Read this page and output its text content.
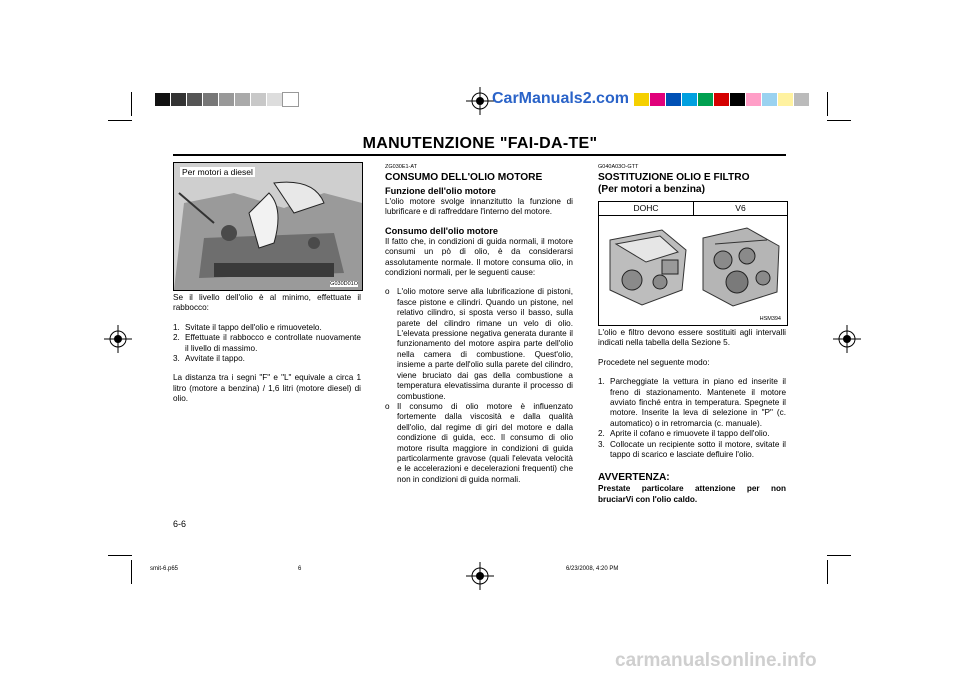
CarManuals2.com
MANUTENZIONE "FAI-DA-TE"
Per motori a diesel
G030D01O

Se il livello dell'olio è al minimo, effettuate il rabbocco:

1. Svitate il tappo dell'olio e rimuovetelo.
2. Effettuate il rabbocco e controllate nuovamente il livello di massimo.
3. Avvitate il tappo.

La distanza tra i segni "F" e "L" equivale a circa 1 litro (motore a benzina) / 1,6 litri (motore diesel) di olio.

6-6
ZG030E1-AT
CONSUMO DELL'OLIO MOTORE
Funzione dell'olio motore

L'olio motore svolge innanzitutto la funzione di lubrificare e di raffreddare l'interno del motore.

Consumo dell'olio motore

Il fatto che, in condizioni di guida normali, il motore consumi un pò di olio, è da considerarsi assolutamente normale. Il motore consuma olio, in condizioni normali, per le seguenti cause:

o L'olio motore serve alla lubrificazione di pistoni, fasce pistone e cilindri. Quando un pistone, nel relativo cilindro, si sposta verso il basso, sulla parete del cilindro rimane un velo di olio. L'elevata pressione negativa generata durante il funzionamento del motore aspira parte dell'olio nella camera di combustione. Quest'olio, insieme a parte dell'olio sulla parete del cilindro, viene bruciato dai gas della combustione a temperatura elevatissima durante il processo di combustione.
o Il consumo di olio motore è influenzato fortemente dalla viscosità e dalla qualità dell'olio, dal regime di giri del motore e dalla condizione di guida, ecc. Il consumo di olio motore risulta maggiore in condizioni di guida particolarmente gravose (quali l'elevata velocità e le accelerazioni e decelerazioni frequenti) che non in condizioni di guida normali.
G040A03O-GTT
SOSTITUZIONE OLIO E FILTRO
(Per motori a benzina)
DOHC	V6
HSM394

L'olio e filtro devono essere sostituiti agli intervalli indicati nella tabella della Sezione 5.

Procedete nel seguente modo:

1. Parcheggiate la vettura in piano ed inserite il freno di stazionamento. Mantenete il motore avviato finché entra in temperatura. Spegnete il motore. Inserite la leva di selezione in "P" (c. automatico) o in retromarcia (c. manuale).
2. Aprite il cofano e rimuovete il tappo dell'olio.
3. Collocate un recipiente sotto il motore, svitate il tappo di scarico e lasciate defluire l'olio.
AVVERTENZA:

Prestate particolare attenzione per non bruciarVi con l'olio caldo.

smit-6.p65	6	6/23/2008, 4:20 PM
carmanualsonline.info
